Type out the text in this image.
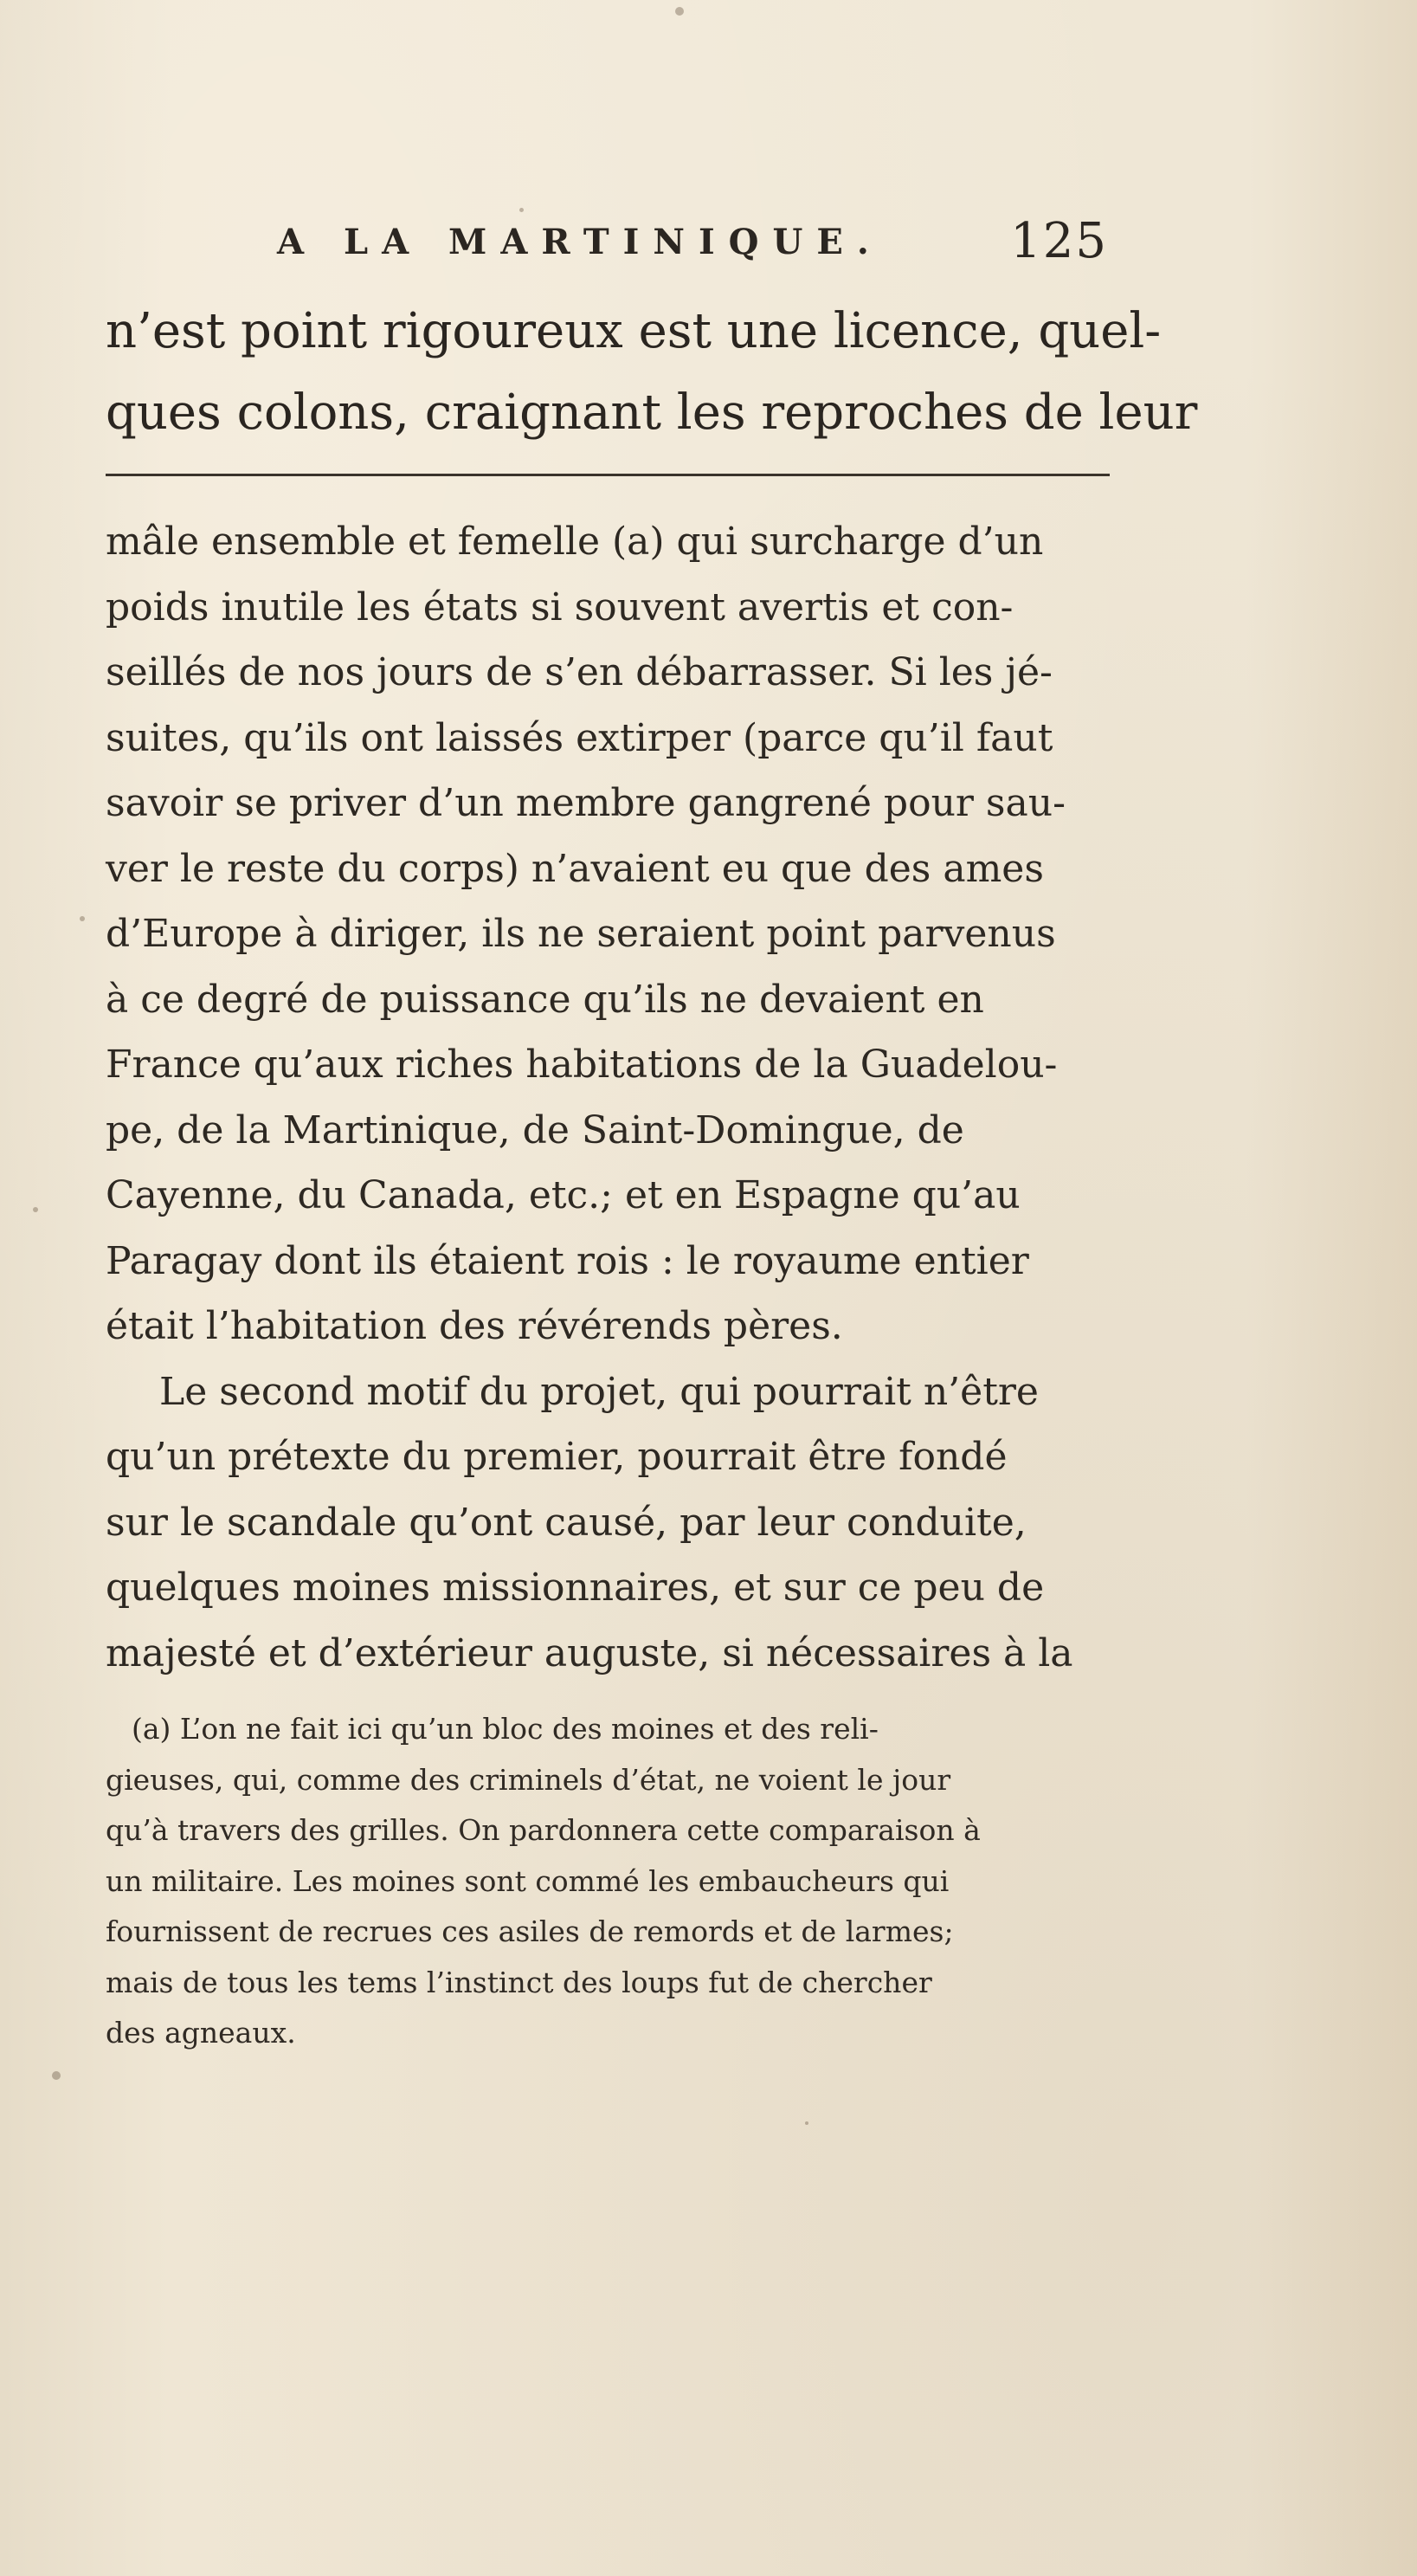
A LA MARTINIQUE.	125
n’est point rigoureux est une licence, quel-
ques colons, craignant les reproches de leur
mâle ensemble et femelle (a) qui surcharge d’un
poids inutile les états si souvent avertis et con-
seillés de nos jours de s’en débarrasser. Si les jé-
suites, qu’ils ont laissés extirper (parce qu’il faut
savoir se priver d’un membre gangrené pour sau-
ver le reste du corps) n’avaient eu que des ames
d’Europe à diriger, ils ne seraient point parvenus
à ce degré de puissance qu’ils ne devaient en
France qu’aux riches habitations de la Guadelou-
pe, de la Martinique, de Saint-Domingue, de
Cayenne, du Canada, etc.; et en Espagne qu’au
Paragay dont ils étaient rois : le royaume entier
était l’habitation des révérends pères.
Le second motif du projet, qui pourrait n’être
qu’un prétexte du premier, pourrait être fondé
sur le scandale qu’ont causé, par leur conduite,
quelques moines missionnaires, et sur ce peu de
majesté et d’extérieur auguste, si nécessaires à la
(a) L’on ne fait ici qu’un bloc des moines et des reli-
gieuses, qui, comme des criminels d’état, ne voient le jour
qu’à travers des grilles. On pardonnera cette comparaison à
un militaire. Les moines sont commé les embaucheurs qui
fournissent de recrues ces asiles de remords et de larmes;
mais de tous les tems l’instinct des loups fut de chercher
des agneaux.
